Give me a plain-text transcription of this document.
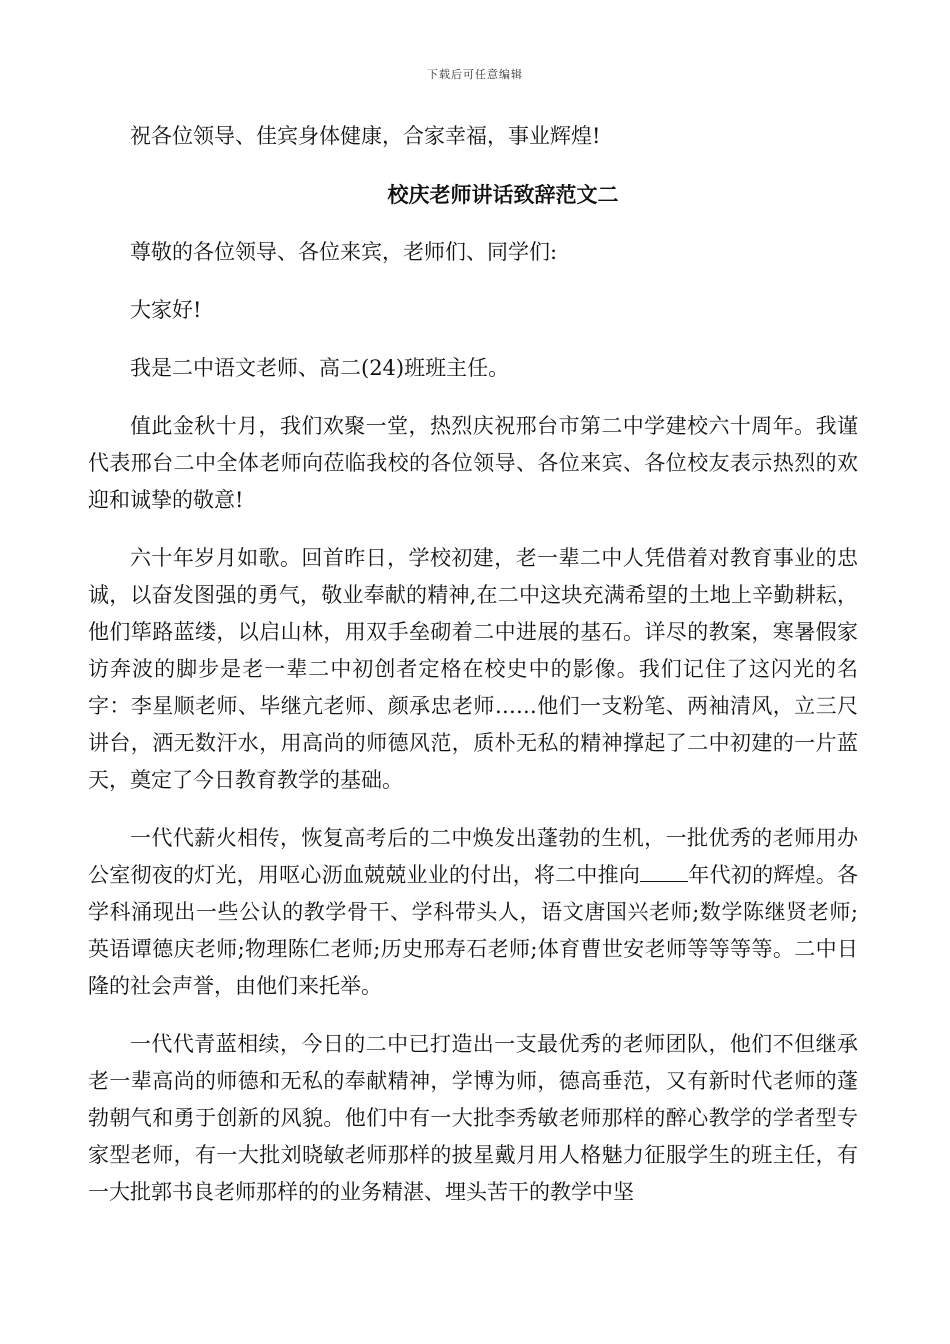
下载后可任意编辑

祝各位领导、佳宾身体健康，合家幸福，事业辉煌!

校庆老师讲话致辞范文二

尊敬的各位领导、各位来宾，老师们、同学们:

大家好!

我是二中语文老师、高二(24)班班主任。

值此金秋十月，我们欢聚一堂，热烈庆祝邢台市第二中学建校六十周年。我谨代表邢台二中全体老师向莅临我校的各位领导、各位来宾、各位校友表示热烈的欢迎和诚挚的敬意!

六十年岁月如歌。回首昨日，学校初建，老一辈二中人凭借着对教育事业的忠诚，以奋发图强的勇气，敬业奉献的精神,在二中这块充满希望的土地上辛勤耕耘，他们筚路蓝缕，以启山林，用双手垒砌着二中进展的基石。详尽的教案，寒暑假家访奔波的脚步是老一辈二中初创者定格在校史中的影像。我们记住了这闪光的名字：李星顺老师、毕继亢老师、颜承忠老师……他们一支粉笔、两袖清风，立三尺讲台，洒无数汗水，用高尚的师德风范，质朴无私的精神撑起了二中初建的一片蓝天，奠定了今日教育教学的基础。

一代代薪火相传，恢复高考后的二中焕发出蓬勃的生机，一批优秀的老师用办公室彻夜的灯光，用呕心沥血兢兢业业的付出，将二中推向 年代初的辉煌。各学科涌现出一些公认的教学骨干、学科带头人，语文唐国兴老师;数学陈继贤老师;英语谭德庆老师;物理陈仁老师;历史邢寿石老师;体育曹世安老师等等等等。二中日隆的社会声誉，由他们来托举。

一代代青蓝相续，今日的二中已打造出一支最优秀的老师团队，他们不但继承老一辈高尚的师德和无私的奉献精神，学博为师，德高垂范，又有新时代老师的蓬勃朝气和勇于创新的风貌。他们中有一大批李秀敏老师那样的醉心教学的学者型专家型老师，有一大批刘晓敏老师那样的披星戴月用人格魅力征服学生的班主任，有一大批郭书良老师那样的的业务精湛、埋头苦干的教学中坚
